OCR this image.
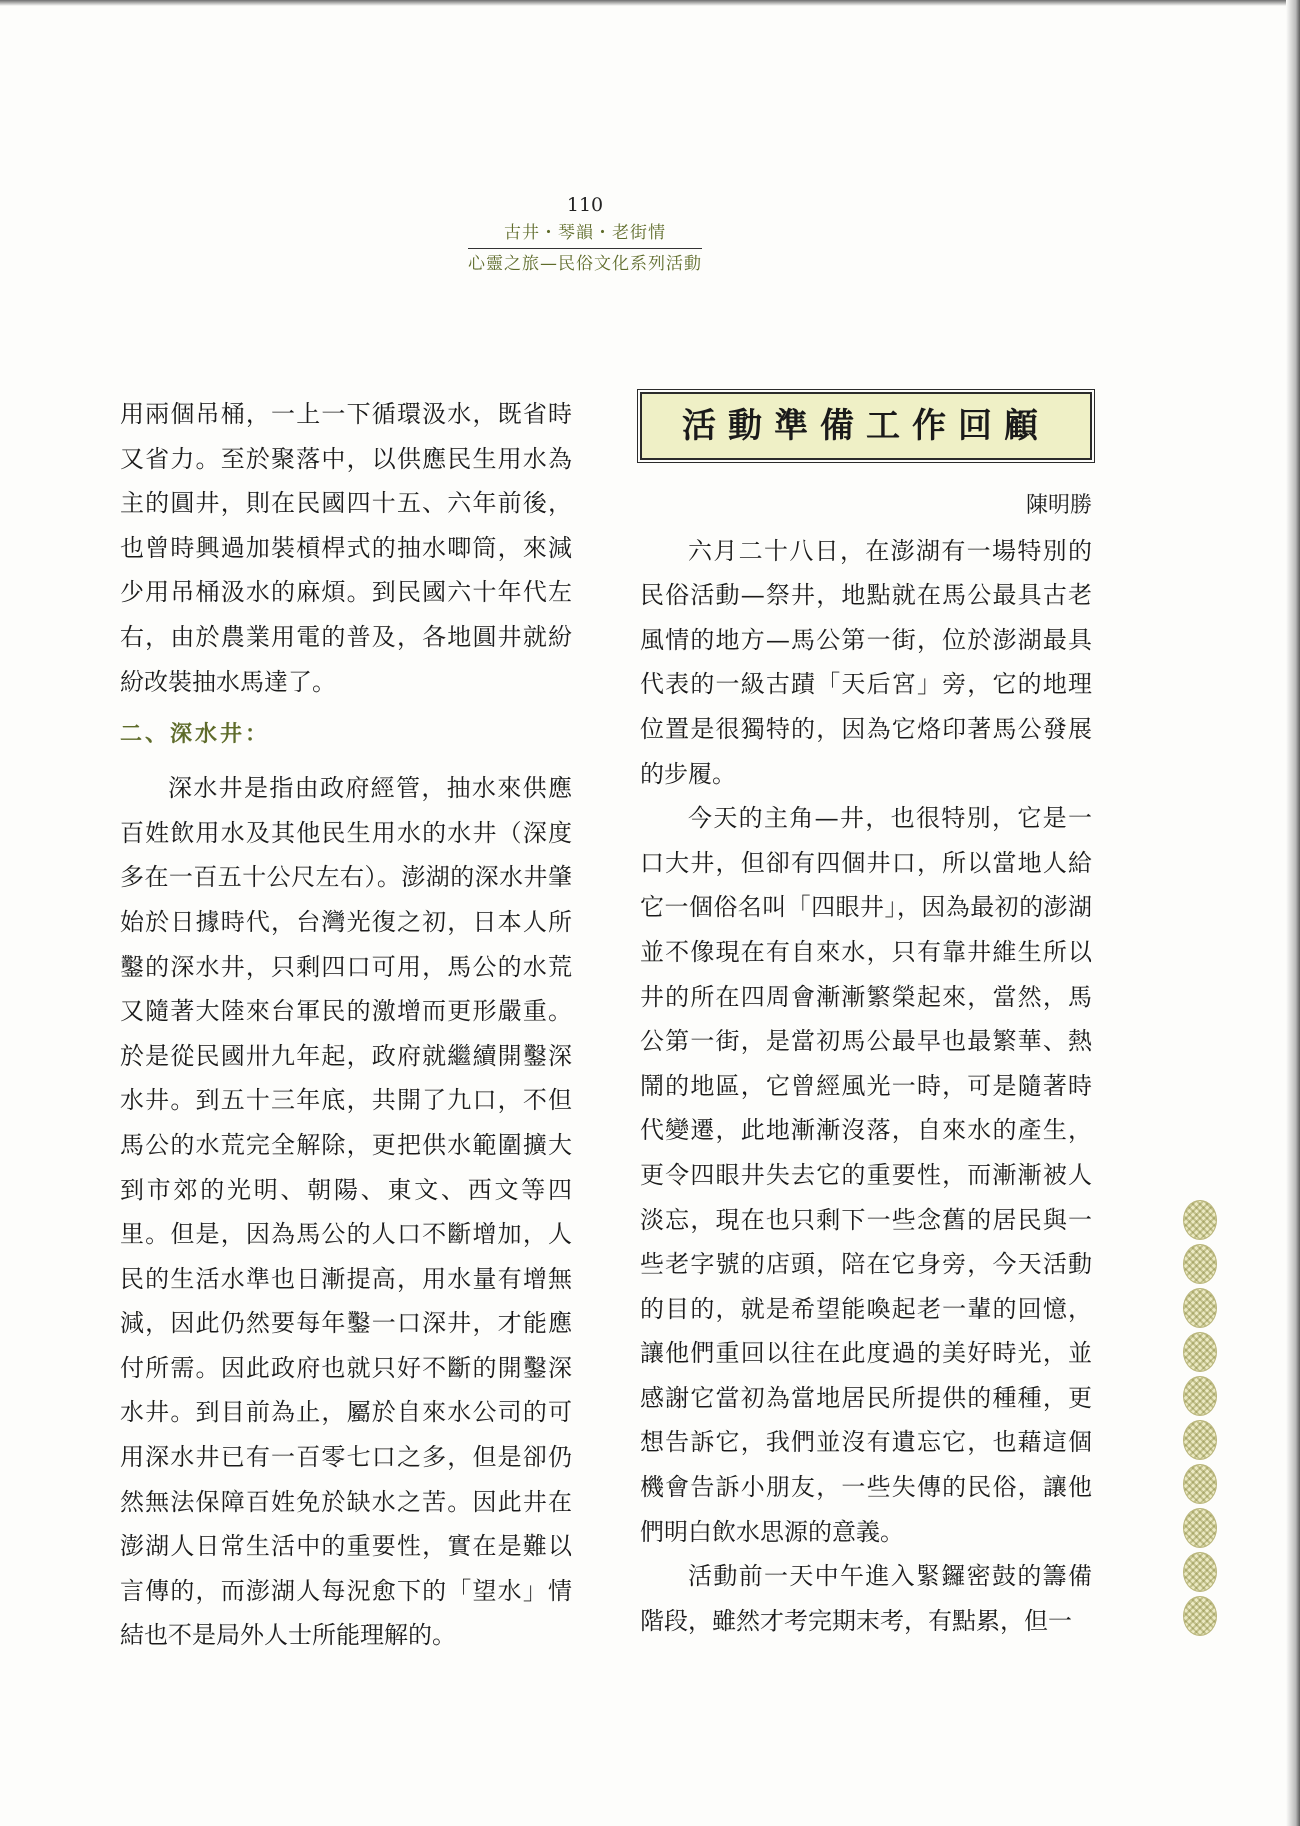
110
古井・琴韻・老街情
心靈之旅—民俗文化系列活動

用兩個吊桶，一上一下循環汲水，既省時又省力。至於聚落中，以供應民生用水為主的圓井，則在民國四十五、六年前後，也曾時興過加裝槓桿式的抽水唧筒，來減少用吊桶汲水的麻煩。到民國六十年代左右，由於農業用電的普及，各地圓井就紛紛改裝抽水馬達了。

二、深水井：

深水井是指由政府經管，抽水來供應百姓飲用水及其他民生用水的水井（深度多在一百五十公尺左右）。澎湖的深水井肇始於日據時代，台灣光復之初，日本人所鑿的深水井，只剩四口可用，馬公的水荒又隨著大陸來台軍民的激增而更形嚴重。於是從民國卅九年起，政府就繼續開鑿深水井。到五十三年底，共開了九口，不但馬公的水荒完全解除，更把供水範圍擴大到市郊的光明、朝陽、東文、西文等四里。但是，因為馬公的人口不斷增加，人民的生活水準也日漸提高，用水量有增無減，因此仍然要每年鑿一口深井，才能應付所需。因此政府也就只好不斷的開鑿深水井。到目前為止，屬於自來水公司的可用深水井已有一百零七口之多，但是卻仍然無法保障百姓免於缺水之苦。因此井在澎湖人日常生活中的重要性，實在是難以言傳的，而澎湖人每況愈下的「望水」情結也不是局外人士所能理解的。

活動準備工作回顧

陳明勝

六月二十八日，在澎湖有一場特別的民俗活動—祭井，地點就在馬公最具古老風情的地方—馬公第一街，位於澎湖最具代表的一級古蹟「天后宮」旁，它的地理位置是很獨特的，因為它烙印著馬公發展的步履。

今天的主角—井，也很特別，它是一口大井，但卻有四個井口，所以當地人給它一個俗名叫「四眼井」，因為最初的澎湖並不像現在有自來水，只有靠井維生所以井的所在四周會漸漸繁榮起來，當然，馬公第一街，是當初馬公最早也最繁華、熱鬧的地區，它曾經風光一時，可是隨著時代變遷，此地漸漸沒落，自來水的產生，更令四眼井失去它的重要性，而漸漸被人淡忘，現在也只剩下一些念舊的居民與一些老字號的店頭，陪在它身旁，今天活動的目的，就是希望能喚起老一輩的回憶，讓他們重回以往在此度過的美好時光，並感謝它當初為當地居民所提供的種種，更想告訴它，我們並沒有遺忘它，也藉這個機會告訴小朋友，一些失傳的民俗，讓他們明白飲水思源的意義。

活動前一天中午進入緊鑼密鼓的籌備階段，雖然才考完期末考，有點累，但一
